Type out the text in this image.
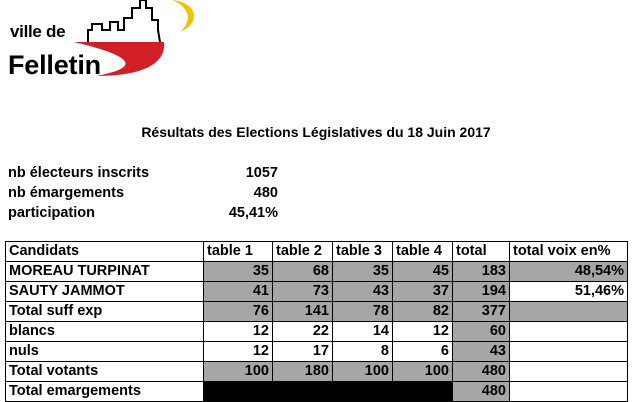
ville de
Felletin
Résultats des Elections Législatives du 18 Juin 2017
nb électeurs inscrits	1057
nb émargements	480
participation	45,41%
Candidats	table 1	table 2	table 3	table 4	total	total voix en%
MOREAU TURPINAT	35	68	35	45	183	48,54%
SAUTY JAMMOT	41	73	43	37	194	51,46%
Total suff exp	76	141	78	82	377	
blancs	12	22	14	12	60	
nuls	12	17	8	6	43	
Total votants	100	180	100	100	480	
Total emargements					480	
